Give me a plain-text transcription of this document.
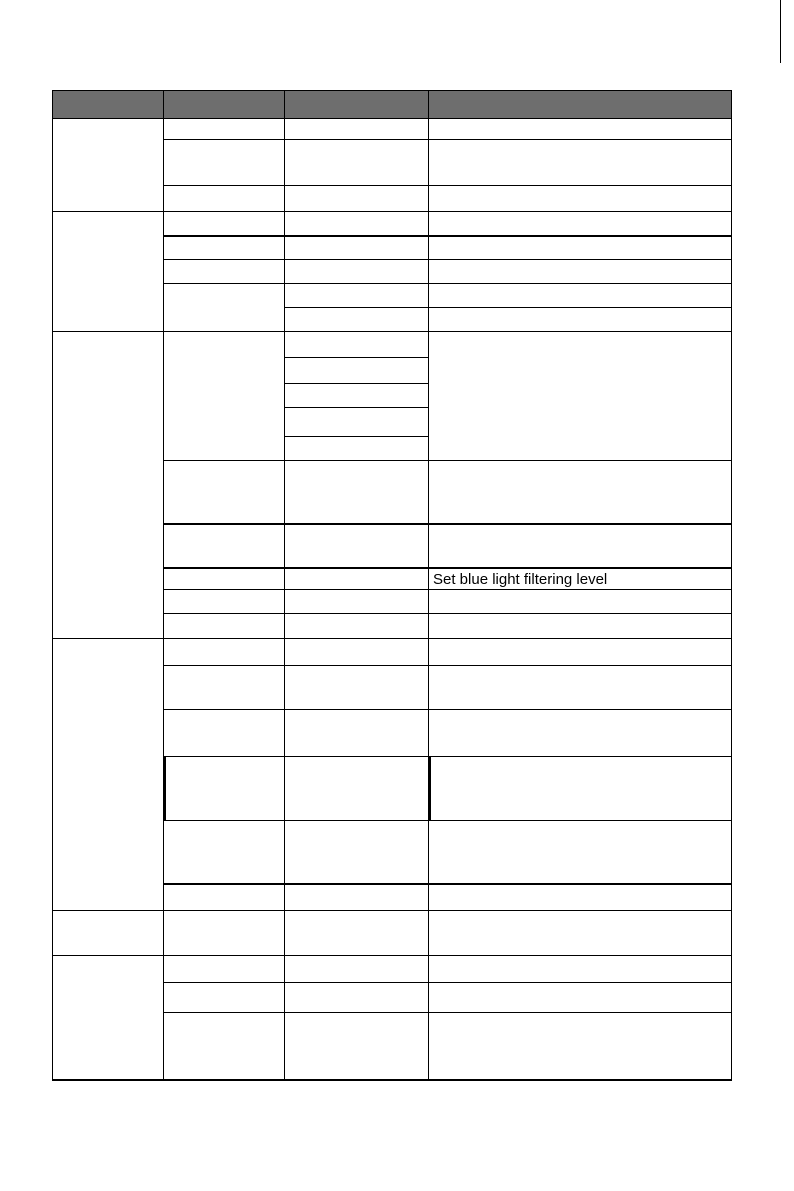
Set blue light filtering level
